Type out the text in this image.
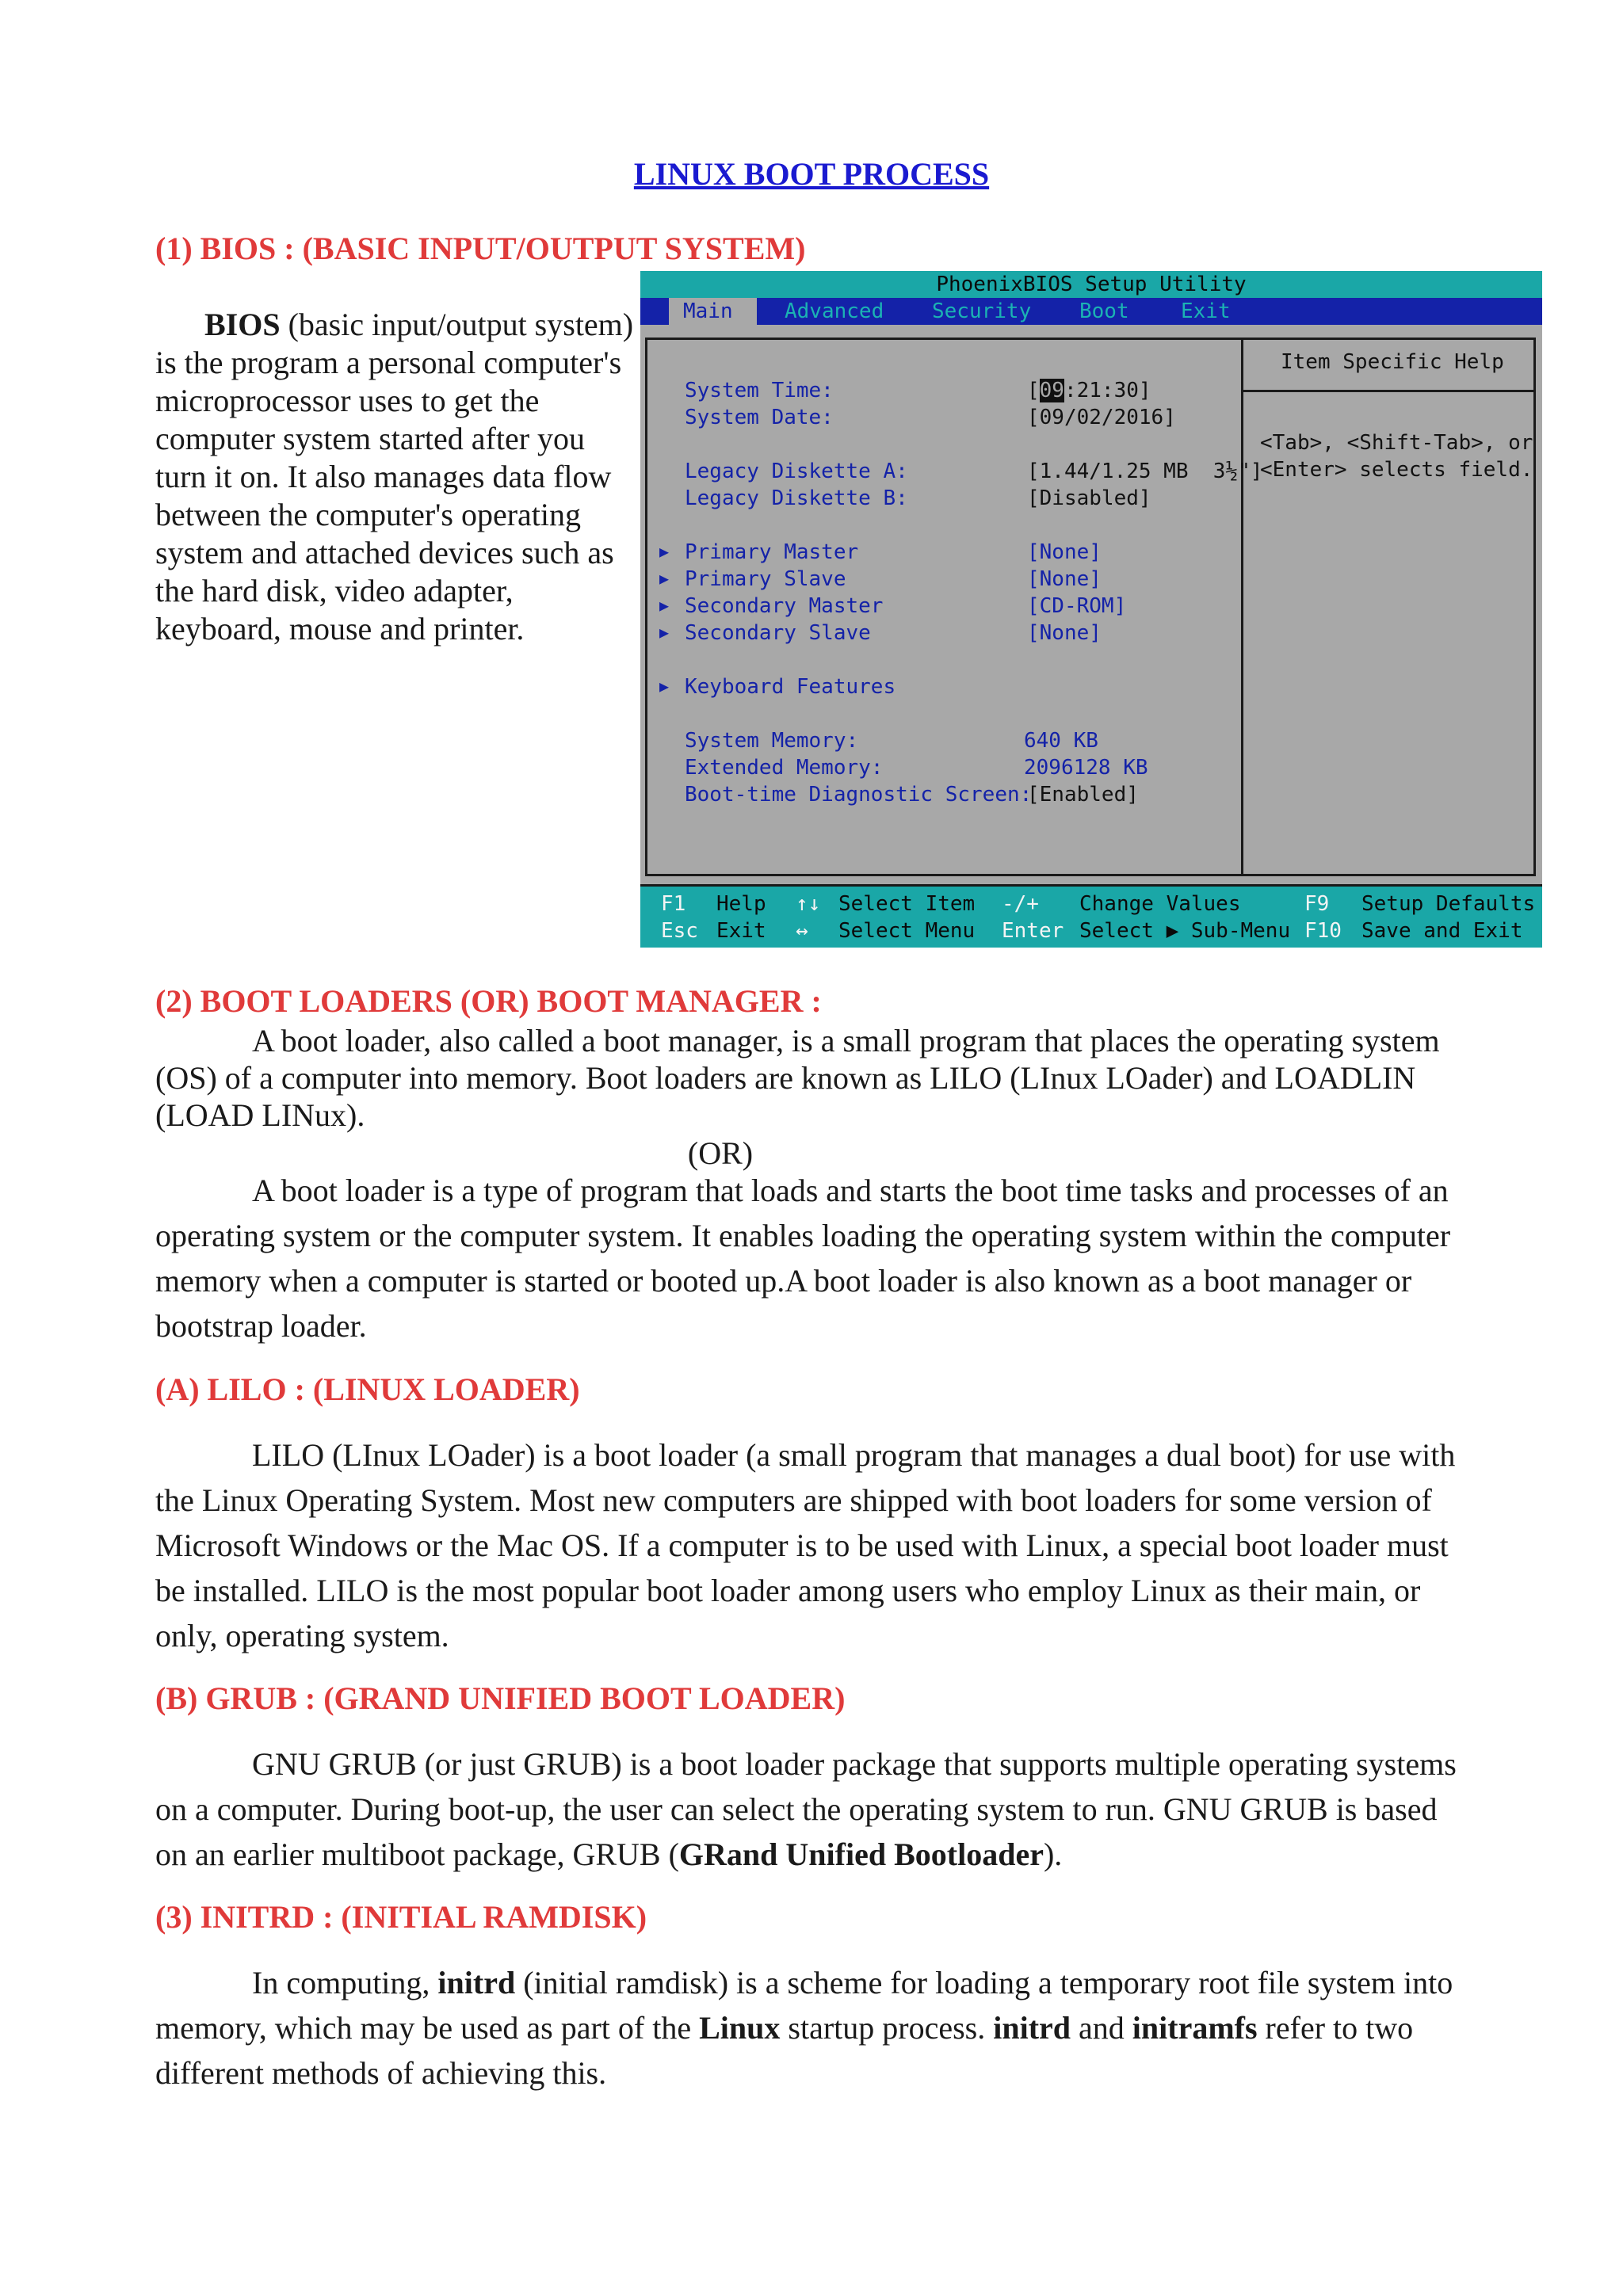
LINUX BOOT PROCESS
(1) BIOS : (BASIC INPUT/OUTPUT SYSTEM)
BIOS (basic input/output system) is the program a personal computer's microprocessor uses to get the computer system started after you turn it on. It also manages data flow between the computer's operating system and attached devices such as the hard disk, video adapter, keyboard, mouse and printer.
PhoenixBIOS Setup Utility
Main	Advanced Security Boot	Exit
Item Specific Help
<Tab>, <Shift-Tab>, or
<Enter> selects field.
System Time:	[09:21:30]
System Date:	[09/02/2016]
Legacy Diskette A:	[1.44/1.25 MB  3½"]
Legacy Diskette B:	[Disabled]
▶ Primary Master	[None]
▶ Primary Slave	[None]
▶ Secondary Master	[CD-ROM]
▶ Secondary Slave	[None]
▶ Keyboard Features
System Memory:	640 KB
Extended Memory:	2096128 KB
Boot-time Diagnostic Screen:
[Enabled]
F1 Help ↑↓ Select Item -/+ Change Values	F9 Setup Defaults
Esc Exit ↔ Select Menu Enter Select ▶ Sub-Menu F10 Save and Exit
(2) BOOT LOADERS (OR) BOOT MANAGER :
A boot loader, also called a boot manager, is a small program that places the operating system (OS) of a computer into memory. Boot loaders are known as LILO (LInux LOader) and LOADLIN (LOAD LINux).
(OR)
A boot loader is a type of program that loads and starts the boot time tasks and processes of an operating system or the computer system. It enables loading the operating system within the computer memory when a computer is started or booted up.A boot loader is also known as a boot manager or bootstrap loader.
(A) LILO : (LINUX LOADER)
LILO (LInux LOader) is a boot loader (a small program that manages a dual boot) for use with the Linux Operating System. Most new computers are shipped with boot loaders for some version of Microsoft Windows or the Mac OS. If a computer is to be used with Linux, a special boot loader must be installed. LILO is the most popular boot loader among users who employ Linux as their main, or only, operating system.
(B) GRUB : (GRAND UNIFIED BOOT LOADER)
GNU GRUB (or just GRUB) is a boot loader package that supports multiple operating systems on a computer. During boot-up, the user can select the operating system to run. GNU GRUB is based on an earlier multiboot package, GRUB (GRand Unified Bootloader).
(3) INITRD : (INITIAL RAMDISK)
In computing, initrd (initial ramdisk) is a scheme for loading a temporary root file system into memory, which may be used as part of the Linux startup process. initrd and initramfs refer to two different methods of achieving this.
